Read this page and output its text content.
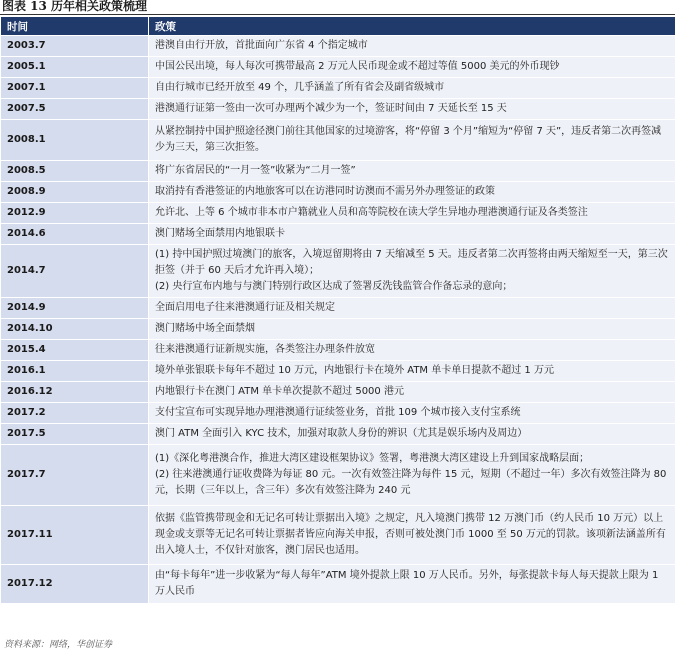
图表 13 历年相关政策梳理
时间	政策
2003.7	港澳自由行开放，首批面向广东省 4 个指定城市

2005.1	中国公民出境，每人每次可携带最高 2 万元人民币现金或不超过等值 5000 美元的外币现钞

2007.1	自由行城市已经开放至 49 个，几乎涵盖了所有省会及副省级城市

2007.5	港澳通行证第一签由一次可办理两个减少为一个，签证时间由 7 天延长至 15 天

2008.1	从紧控制持中国护照途径澳门前往其他国家的过境游客，将“停留 3 个月”缩短为“停留 7 天”，违反者第二次再签减少为三天，第三次拒签。

2008.5	将广东省居民的“一月一签”收紧为“二月一签”

2008.9	取消持有香港签证的内地旅客可以在访港同时访澳而不需另外办理签证的政策

2012.9	允许北、上等 6 个城市非本市户籍就业人员和高等院校在读大学生异地办理港澳通行证及各类签注

2014.6	澳门赌场全面禁用内地银联卡

2014.7	(1) 持中国护照过境澳门的旅客，入境逗留期将由 7 天缩减至 5 天。违反者第二次再签将由两天缩短至一天，第三次拒签（并于 60 天后才允许再入境）；

(2) 央行宣布内地与与澳门特别行政区达成了签署反洗钱监管合作备忘录的意向；

2014.9	全面启用电子往来港澳通行证及相关规定

2014.10	澳门赌场中场全面禁烟

2015.4	往来港澳通行证新规实施，各类签注办理条件放宽

2016.1	境外单张银联卡每年不超过 10 万元，内地银行卡在境外 ATM 单卡单日提款不超过 1 万元

2016.12	内地银行卡在澳门 ATM 单卡单次提款不超过 5000 港元

2017.2	支付宝宣布可实现异地办理港澳通行证续签业务，首批 109 个城市接入支付宝系统

2017.5	澳门 ATM 全面引入 KYC 技术，加强对取款人身份的辨识（尤其是娱乐场内及周边）

2017.7	(1)《深化粤港澳合作，推进大湾区建设框架协议》签署，粤港澳大湾区建设上升到国家战略层面；

(2) 往来港澳通行证收费降为每证 80 元。一次有效签注降为每件 15 元，短期（不超过一年）多次有效签注降为 80 元，长期（三年以上，含三年）多次有效签注降为 240 元

2017.11	依据《监管携带现金和无记名可转让票据出入境》之规定，凡入境澳门携带 12 万澳门币（约人民币 10 万元）以上现金或支票等无记名可转让票据者皆应向海关申报，否则可被处澳门币 1000 至 50 万元的罚款。该项新法涵盖所有出入境人士，不仅针对旅客，澳门居民也适用。

2017.12	由“每卡每年”进一步收紧为“每人每年”ATM 境外提款上限 10 万人民币。另外，每张提款卡每人每天提款上限为 1 万人民币

资料来源：网络，华创证券
